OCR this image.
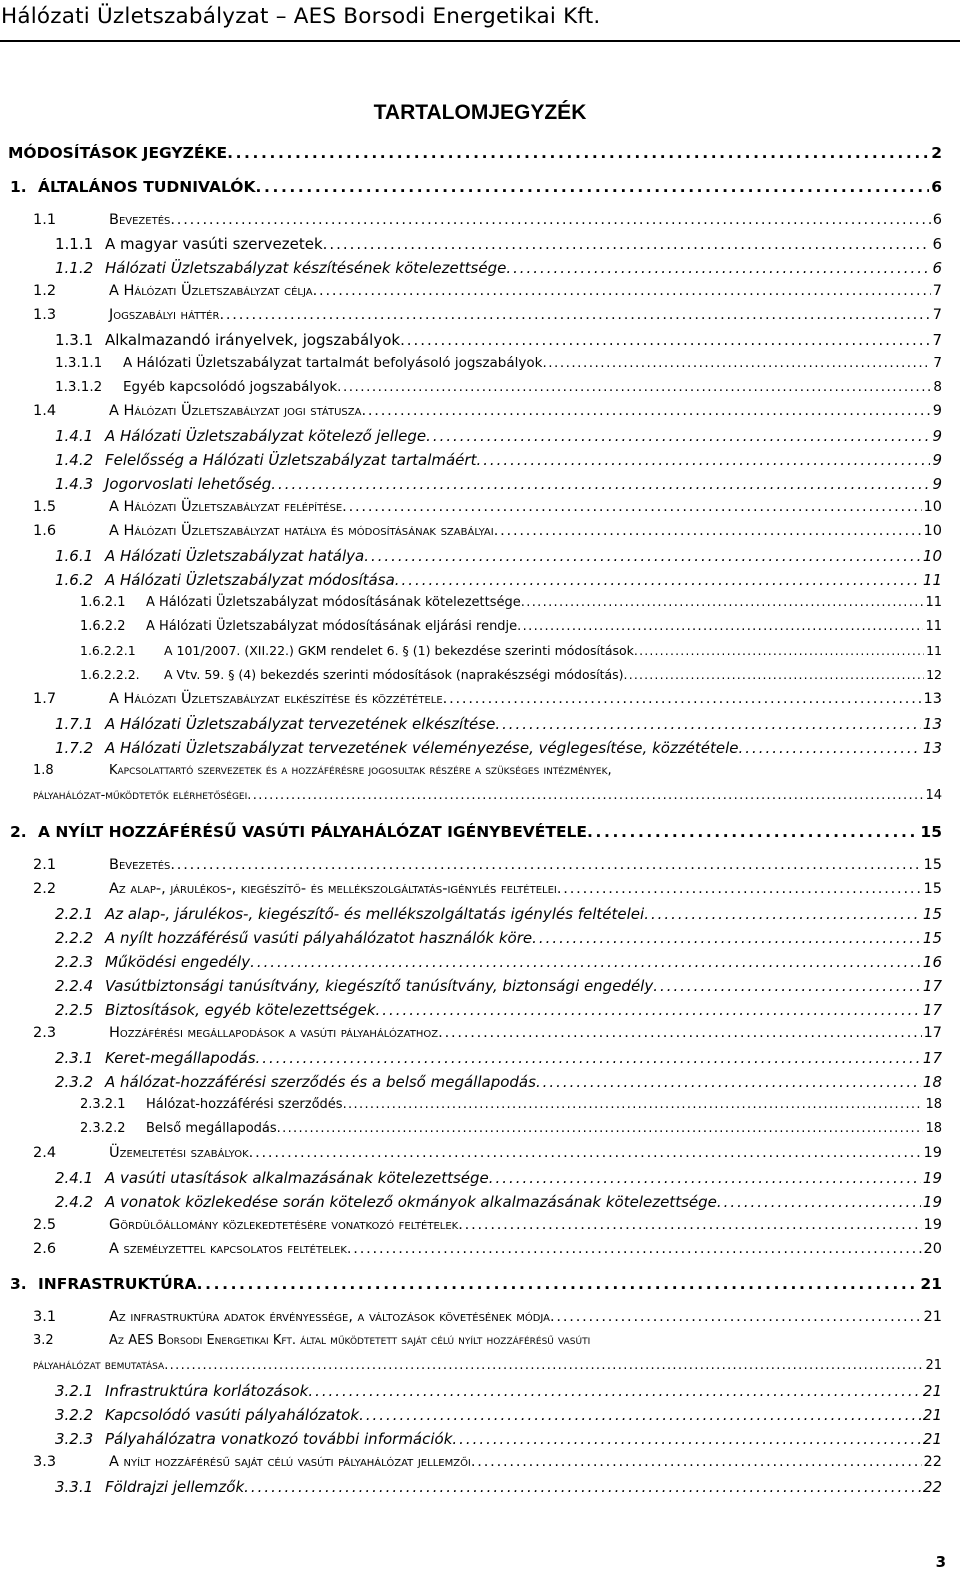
Hálózati Üzletszabályzat – AES Borsodi Energetikai Kft.
TARTALOMJEGYZÉK
MÓDOSÍTÁSOK JEGYZÉKE . . .	2
1. ÁLTALÁNOS TUDNIVALÓK . . .	6
1.1	Bevezetés . . .	6
1.1.1 A magyar vasúti szervezetek . . .	6
1.1.2 Hálózati Üzletszabályzat készítésének kötelezettsége . . .	6
1.2	A Hálózati Üzletszabályzat célja . . .	7
1.3	Jogszabályi háttér . . .	7
1.3.1 Alkalmazandó irányelvek, jogszabályok . . .	7
1.3.1.1	A Hálózati Üzletszabályzat tartalmát befolyásoló jogszabályok . . .	7
1.3.1.2	Egyéb kapcsolódó jogszabályok . . .	8
1.4	A Hálózati Üzletszabályzat jogi státusza . . .	9
1.4.1 A Hálózati Üzletszabályzat kötelező jellege . . .	9
1.4.2 Felelősség a Hálózati Üzletszabályzat tartalmáért . . .	9
1.4.3 Jogorvoslati lehetőség . . .	9
1.5	A Hálózati Üzletszabályzat felépítése . . .	10
1.6	A Hálózati Üzletszabályzat hatálya és módosításának szabályai . . .	10
1.6.1 A Hálózati Üzletszabályzat hatálya . . .	10
1.6.2 A Hálózati Üzletszabályzat módosítása . . .	11
1.6.2.1	A Hálózati Üzletszabályzat módosításának kötelezettsége . . .	11
1.6.2.2	A Hálózati Üzletszabályzat módosításának eljárási rendje . . .	11
1.6.2.2.1	A 101/2007. (XII.22.) GKM rendelet 6. § (1) bekezdése szerinti módosítások . . .	11
1.6.2.2.2.	A Vtv. 59. § (4) bekezdés szerinti módosítások (naprakészségi módosítás) . . .	12
1.7	A Hálózati Üzletszabályzat elkészítése és közzététele . . .	13
1.7.1 A Hálózati Üzletszabályzat tervezetének elkészítése . . .	13
1.7.2 A Hálózati Üzletszabályzat tervezetének véleményezése, véglegesítése, közzététele . . .	13
1.8	Kapcsolattartó szervezetek és a hozzáférésre jogosultak részére a szükséges intézmények,
pályahálózat-működtetők elérhetőségei . . .	14
2. A NYÍLT HOZZÁFÉRÉSŰ VASÚTI PÁLYAHÁLÓZAT IGÉNYBEVÉTELE . . .	15
2.1	Bevezetés . . .	15
2.2	Az alap-, járulékos-, kiegészítő- és mellékszolgáltatás-igénylés feltételei . . .	15
2.2.1 Az alap-, járulékos-, kiegészítő- és mellékszolgáltatás igénylés feltételei . . .	15
2.2.2 A nyílt hozzáférésű vasúti pályahálózatot használók köre . . .	15
2.2.3 Működési engedély . . .	16
2.2.4 Vasútbiztonsági tanúsítvány, kiegészítő tanúsítvány, biztonsági engedély . . .	17
2.2.5 Biztosítások, egyéb kötelezettségek . . .	17
2.3	Hozzáférési megállapodások a vasúti pályahálózathoz . . .	17
2.3.1 Keret-megállapodás . . .	17
2.3.2 A hálózat-hozzáférési szerződés és a belső megállapodás . . .	18
2.3.2.1	Hálózat-hozzáférési szerződés . . .	18
2.3.2.2	Belső megállapodás . . .	18
2.4	Üzemeltetési szabályok . . .	19
2.4.1 A vasúti utasítások alkalmazásának kötelezettsége . . .	19
2.4.2 A vonatok közlekedése során kötelező okmányok alkalmazásának kötelezettsége . . .	19
2.5	Gördülőállomány közlekedtetésére vonatkozó feltételek . . .	19
2.6	A személyzettel kapcsolatos feltételek . . .	20
3. INFRASTRUKTÚRA . . .	21
3.1	Az infrastruktúra adatok érvényessége, a változások követésének módja . . .	21
3.2	Az AES Borsodi Energetikai Kft. által működtetett saját célú nyílt hozzáférésű vasúti
pályahálózat bemutatása . . .	21
3.2.1 Infrastruktúra korlátozások . . .	21
3.2.2 Kapcsolódó vasúti pályahálózatok . . .	21
3.2.3 Pályahálózatra vonatkozó további információk . . .	21
3.3	A nyílt hozzáférésű saját célú vasúti pályahálózat jellemzői . . .	22
3.3.1 Földrajzi jellemzők . . .	22
3
